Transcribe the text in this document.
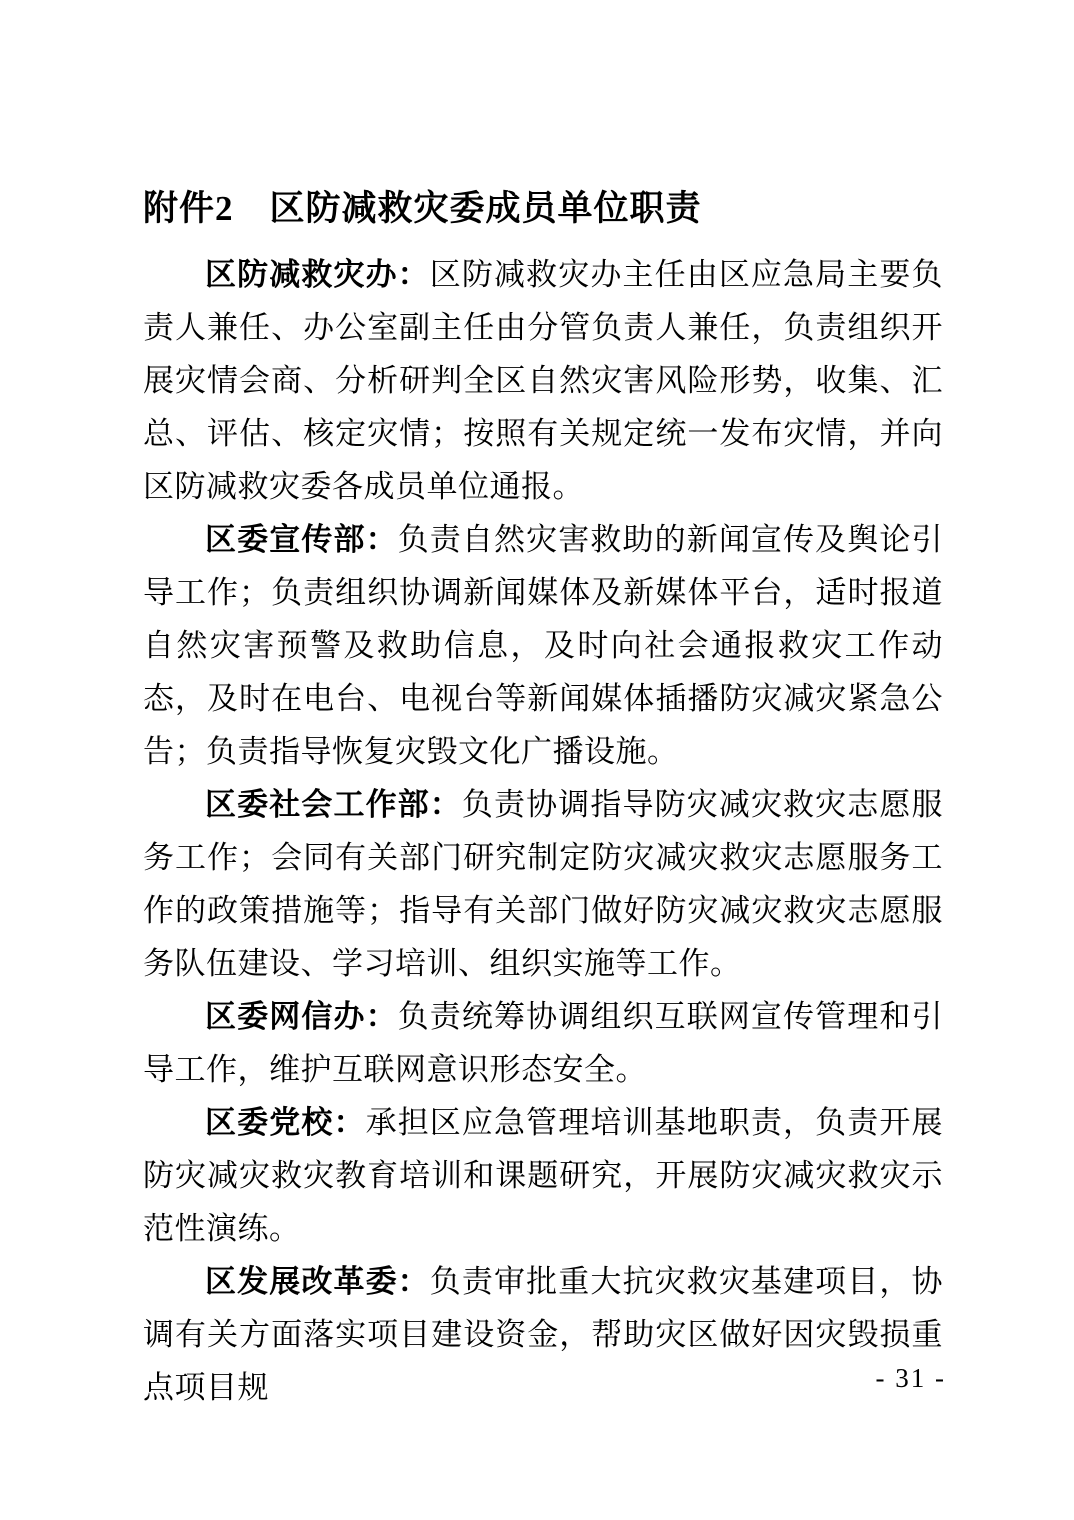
附件2　区防减救灾委成员单位职责

区防减救灾办：区防减救灾办主任由区应急局主要负责人兼任、办公室副主任由分管负责人兼任，负责组织开展灾情会商、分析研判全区自然灾害风险形势，收集、汇总、评估、核定灾情；按照有关规定统一发布灾情，并向区防减救灾委各成员单位通报。

区委宣传部：负责自然灾害救助的新闻宣传及舆论引导工作；负责组织协调新闻媒体及新媒体平台，适时报道自然灾害预警及救助信息，及时向社会通报救灾工作动态，及时在电台、电视台等新闻媒体插播防灾减灾紧急公告；负责指导恢复灾毁文化广播设施。

区委社会工作部：负责协调指导防灾减灾救灾志愿服务工作；会同有关部门研究制定防灾减灾救灾志愿服务工作的政策措施等；指导有关部门做好防灾减灾救灾志愿服务队伍建设、学习培训、组织实施等工作。

区委网信办：负责统筹协调组织互联网宣传管理和引导工作，维护互联网意识形态安全。

区委党校：承担区应急管理培训基地职责，负责开展防灾减灾救灾教育培训和课题研究，开展防灾减灾救灾示范性演练。

区发展改革委：负责审批重大抗灾救灾基建项目，协调有关方面落实项目建设资金，帮助灾区做好因灾毁损重点项目规	- 31 -
